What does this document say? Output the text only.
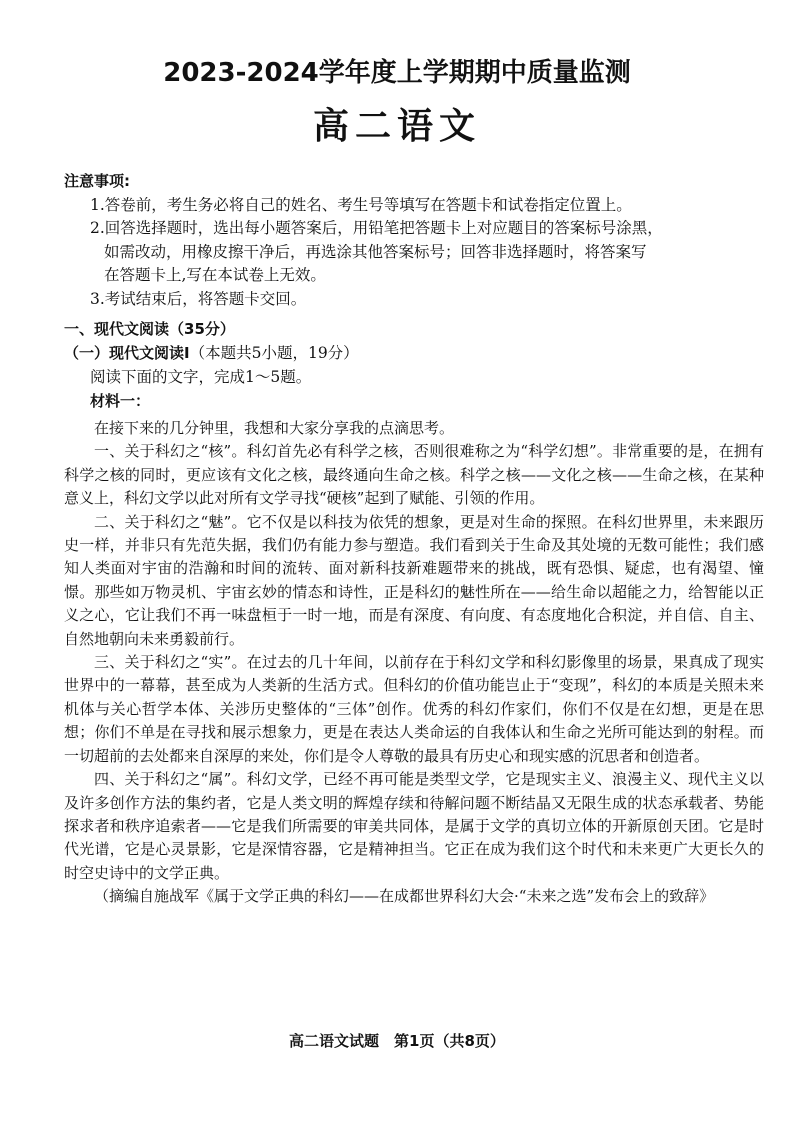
2023-2024学年度上学期期中质量监测
高二语文
注意事项:
1.答卷前，考生务必将自己的姓名、考生号等填写在答题卡和试卷指定位置上。
2.回答选择题时，选出每小题答案后，用铅笔把答题卡上对应题目的答案标号涂黑，
如需改动，用橡皮擦干净后，再选涂其他答案标号；回答非选择题时，将答案写
在答题卡上,写在本试卷上无效。
3.考试结束后，将答题卡交回。
一、现代文阅读（35分）
（一）现代文阅读Ⅰ（本题共5小题，19分）
阅读下面的文字，完成1～5题。
材料一：

在接下来的几分钟里，我想和大家分享我的点滴思考。

一、关于科幻之“核”。科幻首先必有科学之核，否则很难称之为“科学幻想”。非常重要的是，在拥有科学之核的同时，更应该有文化之核，最终通向生命之核。科学之核——文化之核——生命之核，在某种意义上，科幻文学以此对所有文学寻找“硬核”起到了赋能、引领的作用。

二、关于科幻之“魅”。它不仅是以科技为依凭的想象，更是对生命的探照。在科幻世界里，未来跟历史一样，并非只有先范失据，我们仍有能力参与塑造。我们看到关于生命及其处境的无数可能性；我们感知人类面对宇宙的浩瀚和时间的流转、面对新科技新难题带来的挑战，既有恐惧、疑虑，也有渴望、憧憬。那些如万物灵机、宇宙玄妙的情态和诗性，正是科幻的魅性所在——给生命以超能之力，给智能以正义之心，它让我们不再一味盘桓于一时一地，而是有深度、有向度、有态度地化合积淀，并自信、自主、自然地朝向未来勇毅前行。

三、关于科幻之“实”。在过去的几十年间，以前存在于科幻文学和科幻影像里的场景，果真成了现实世界中的一幕幕，甚至成为人类新的生活方式。但科幻的价值功能岂止于“变现”，科幻的本质是关照未来机体与关心哲学本体、关涉历史整体的“三体”创作。优秀的科幻作家们，你们不仅是在幻想，更是在思想；你们不单是在寻找和展示想象力，更是在表达人类命运的自我体认和生命之光所可能达到的射程。而一切超前的去处都来自深厚的来处，你们是令人尊敬的最具有历史心和现实感的沉思者和创造者。

四、关于科幻之“属”。科幻文学，已经不再可能是类型文学，它是现实主义、浪漫主义、现代主义以及许多创作方法的集约者，它是人类文明的辉煌存续和待解问题不断结晶又无限生成的状态承载者、势能探求者和秩序追索者——它是我们所需要的审美共同体，是属于文学的真切立体的开新原创天团。它是时代光谱，它是心灵景影，它是深情容器，它是精神担当。它正在成为我们这个时代和未来更广大更长久的时空史诗中的文学正典。

（摘编自施战军《属于文学正典的科幻——在成都世界科幻大会·“未来之选”发布会上的致辞》

高二语文试题　第1页（共8页）
